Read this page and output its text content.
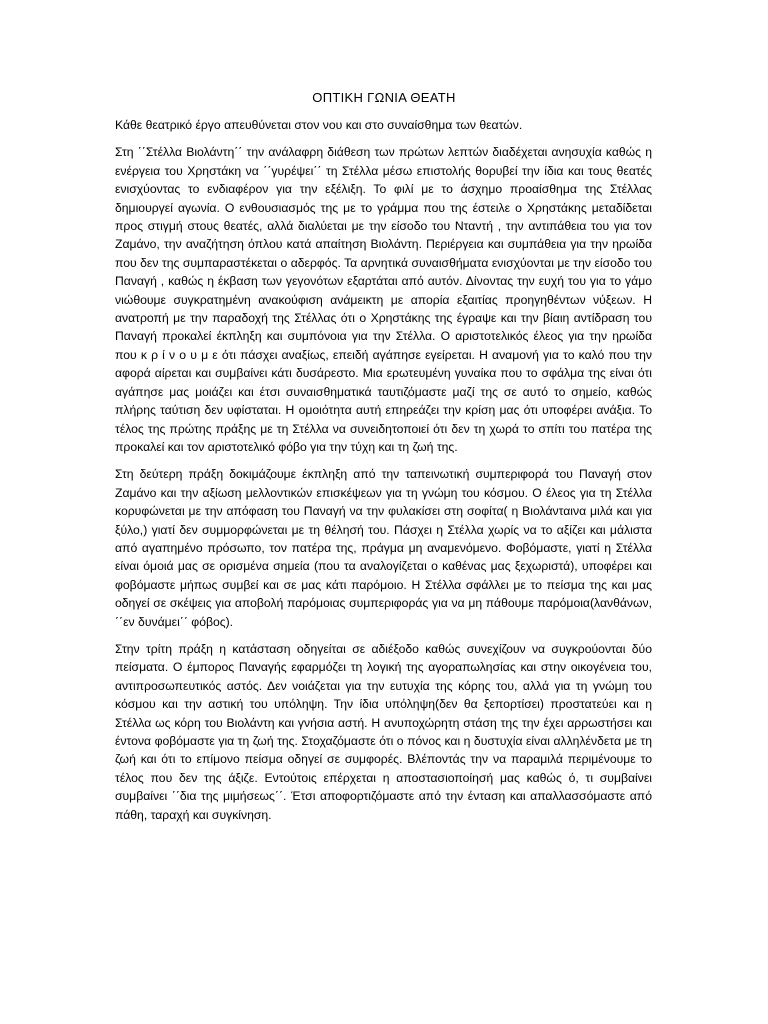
ΟΠΤΙΚΗ ΓΩΝΙΑ ΘΕΑΤΗ

Κάθε θεατρικό έργο απευθύνεται στον νου και στο συναίσθημα των θεατών.

Στη ΄΄Στέλλα Βιολάντη΄΄ την ανάλαφρη διάθεση των πρώτων λεπτών διαδέχεται ανησυχία καθώς η ενέργεια του Χρηστάκη να ΄΄γυρέψει΄΄ τη Στέλλα μέσω επιστολής θορυβεί την ίδια και τους θεατές ενισχύοντας το ενδιαφέρον για την εξέλιξη. Το φιλί με το άσχημο προαίσθημα της Στέλλας δημιουργεί αγωνία. Ο ενθουσιασμός της με το γράμμα που της έστειλε ο Χρηστάκης μεταδίδεται προς στιγμή στους θεατές, αλλά διαλύεται με την είσοδο του Νταντή , την αντιπάθεια του για τον Ζαμάνο, την αναζήτηση όπλου κατά απαίτηση Βιολάντη. Περιέργεια και συμπάθεια για την ηρωίδα που δεν της συμπαραστέκεται ο αδερφός. Τα αρνητικά συναισθήματα ενισχύονται με την είσοδο του Παναγή , καθώς η έκβαση των γεγονότων εξαρτάται από αυτόν. Δίνοντας την ευχή του για το γάμο νιώθουμε συγκρατημένη ανακούφιση ανάμεικτη με απορία εξαιτίας προηγηθέντων νύξεων. Η ανατροπή με την παραδοχή της Στέλλας ότι ο Χρηστάκης της έγραψε και την βίαιη αντίδραση του Παναγή προκαλεί έκπληξη και συμπόνοια για την Στέλλα. Ο αριστοτελικός έλεος για την ηρωίδα που κ ρ ί ν ο υ μ ε ότι πάσχει αναξίως, επειδή αγάπησε εγείρεται. Η αναμονή για το καλό που την αφορά αίρεται και συμβαίνει κάτι δυσάρεστο. Μια ερωτευμένη γυναίκα που το σφάλμα της είναι ότι αγάπησε μας μοιάζει και έτσι συναισθηματικά ταυτιζόμαστε μαζί της σε αυτό το σημείο, καθώς πλήρης ταύτιση δεν υφίσταται. Η ομοιότητα αυτή επηρεάζει την κρίση μας ότι υποφέρει ανάξια. Το τέλος της πρώτης πράξης με τη Στέλλα να συνειδητοποιεί ότι δεν τη χωρά το σπίτι του πατέρα της προκαλεί και τον αριστοτελικό φόβο για την τύχη και τη ζωή της.

Στη δεύτερη πράξη δοκιμάζουμε έκπληξη από την ταπεινωτική συμπεριφορά του Παναγή στον Ζαμάνο και την αξίωση μελλοντικών επισκέψεων για τη γνώμη του κόσμου. Ο έλεος για τη Στέλλα κορυφώνεται με την απόφαση του Παναγή να την φυλακίσει στη σοφίτα( η Βιολάνταινα μιλά και για ξύλο,) γιατί δεν συμμορφώνεται με τη θέλησή του. Πάσχει η Στέλλα χωρίς να το αξίζει και μάλιστα από αγαπημένο πρόσωπο, τον πατέρα της, πράγμα μη αναμενόμενο. Φοβόμαστε, γιατί η Στέλλα είναι όμοιά μας σε ορισμένα σημεία (που τα αναλογίζεται ο καθένας μας ξεχωριστά), υποφέρει και φοβόμαστε μήπως συμβεί και σε μας κάτι παρόμοιο. Η Στέλλα σφάλλει με το πείσμα της και μας οδηγεί σε σκέψεις για αποβολή παρόμοιας συμπεριφοράς για να μη πάθουμε παρόμοια(λανθάνων, ΄΄εν δυνάμει΄΄ φόβος).

Στην τρίτη πράξη η κατάσταση οδηγείται σε αδιέξοδο καθώς συνεχίζουν να συγκρούονται δύο πείσματα. Ο έμπορος Παναγής εφαρμόζει τη λογική της αγοραπωλησίας και στην οικογένεια του, αντιπροσωπευτικός αστός. Δεν νοιάζεται για την ευτυχία της κόρης του, αλλά για τη γνώμη του κόσμου και την αστική του υπόληψη. Την ίδια υπόληψη(δεν θα ξεπορτίσει) προστατεύει και η Στέλλα ως κόρη του Βιολάντη και γνήσια αστή. Η ανυποχώρητη στάση της την έχει αρρωστήσει και έντονα φοβόμαστε για τη ζωή της. Στοχαζόμαστε ότι ο πόνος και η δυστυχία είναι αλληλένδετα με τη ζωή και ότι το επίμονο πείσμα οδηγεί σε συμφορές. Βλέποντάς την να παραμιλά περιμένουμε το τέλος που δεν της άξιζε. Εντούτοις επέρχεται η αποστασιοποίησή μας καθώς ό, τι συμβαίνει συμβαίνει ΄΄δια της μιμήσεως΄΄. Έτσι αποφορτιζόμαστε από την ένταση και απαλλασσόμαστε από πάθη, ταραχή και συγκίνηση.
